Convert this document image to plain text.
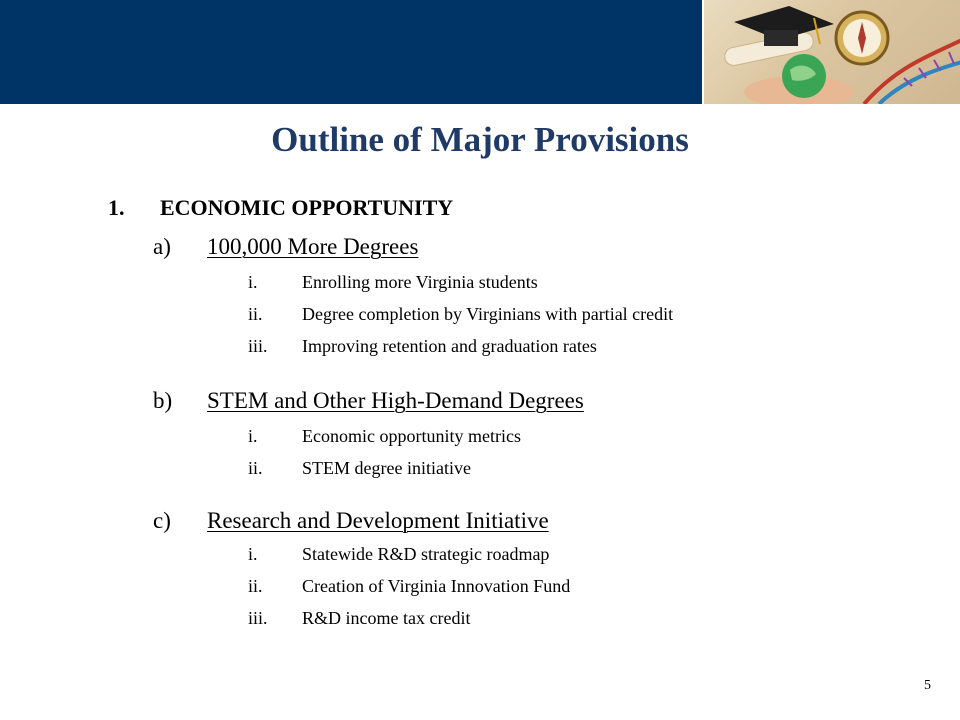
Outline of Major Provisions
1. ECONOMIC OPPORTUNITY
a) 100,000 More Degrees
i. Enrolling more Virginia students
ii. Degree completion by Virginians with partial credit
iii. Improving retention and graduation rates
b) STEM and Other High-Demand Degrees
i. Economic opportunity metrics
ii. STEM degree initiative
c) Research and Development Initiative
i. Statewide R&D strategic roadmap
ii. Creation of Virginia Innovation Fund
iii. R&D income tax credit
5
